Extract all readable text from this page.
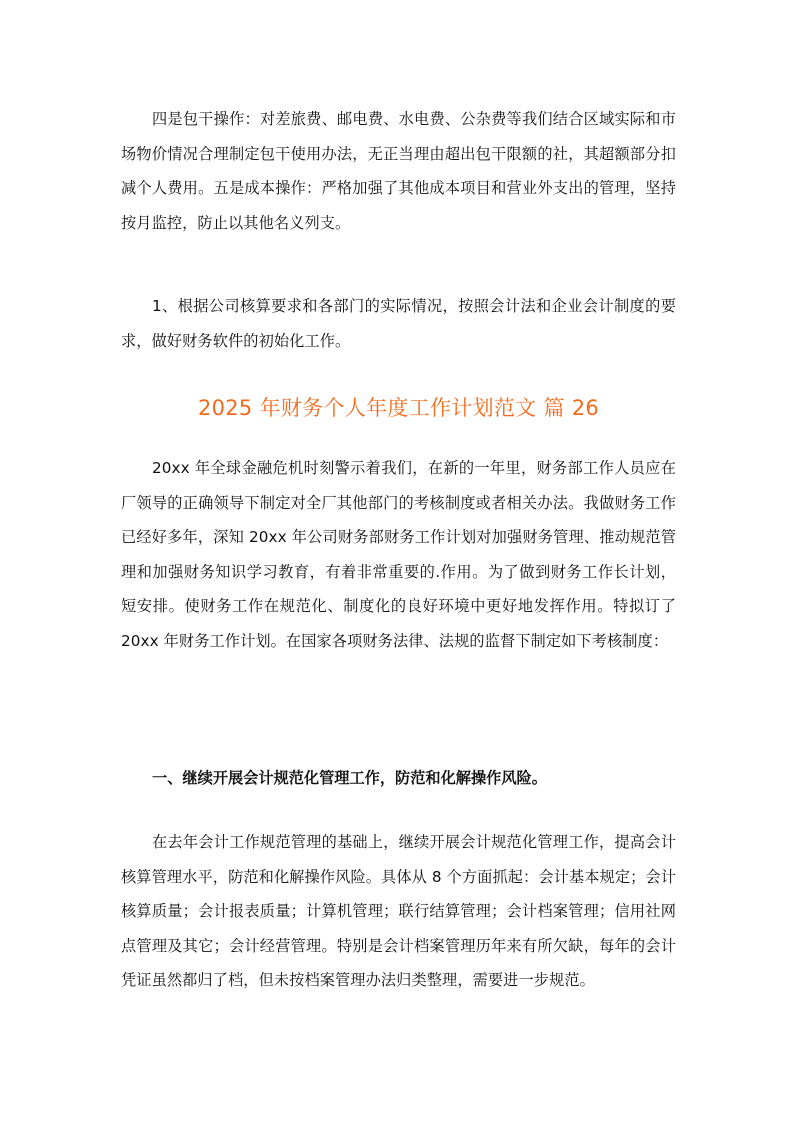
四是包干操作：对差旅费、邮电费、水电费、公杂费等我们结合区域实际和市场物价情况合理制定包干使用办法，无正当理由超出包干限额的社，其超额部分扣减个人费用。五是成本操作：严格加强了其他成本项目和营业外支出的管理，坚持按月监控，防止以其他名义列支。

1、根据公司核算要求和各部门的实际情况，按照会计法和企业会计制度的要求，做好财务软件的初始化工作。

2025 年财务个人年度工作计划范文 篇 26

20xx 年全球金融危机时刻警示着我们，在新的一年里，财务部工作人员应在厂领导的正确领导下制定对全厂其他部门的考核制度或者相关办法。我做财务工作已经好多年，深知 20xx 年公司财务部财务工作计划对加强财务管理、推动规范管理和加强财务知识学习教育，有着非常重要的.作用。为了做到财务工作长计划，短安排。使财务工作在规范化、制度化的良好环境中更好地发挥作用。特拟订了 20xx 年财务工作计划。在国家各项财务法律、法规的监督下制定如下考核制度：

一、继续开展会计规范化管理工作，防范和化解操作风险。

在去年会计工作规范管理的基础上，继续开展会计规范化管理工作，提高会计核算管理水平，防范和化解操作风险。具体从 8 个方面抓起：会计基本规定；会计核算质量；会计报表质量；计算机管理；联行结算管理；会计档案管理；信用社网点管理及其它；会计经营管理。特别是会计档案管理历年来有所欠缺，每年的会计凭证虽然都归了档，但未按档案管理办法归类整理，需要进一步规范。
